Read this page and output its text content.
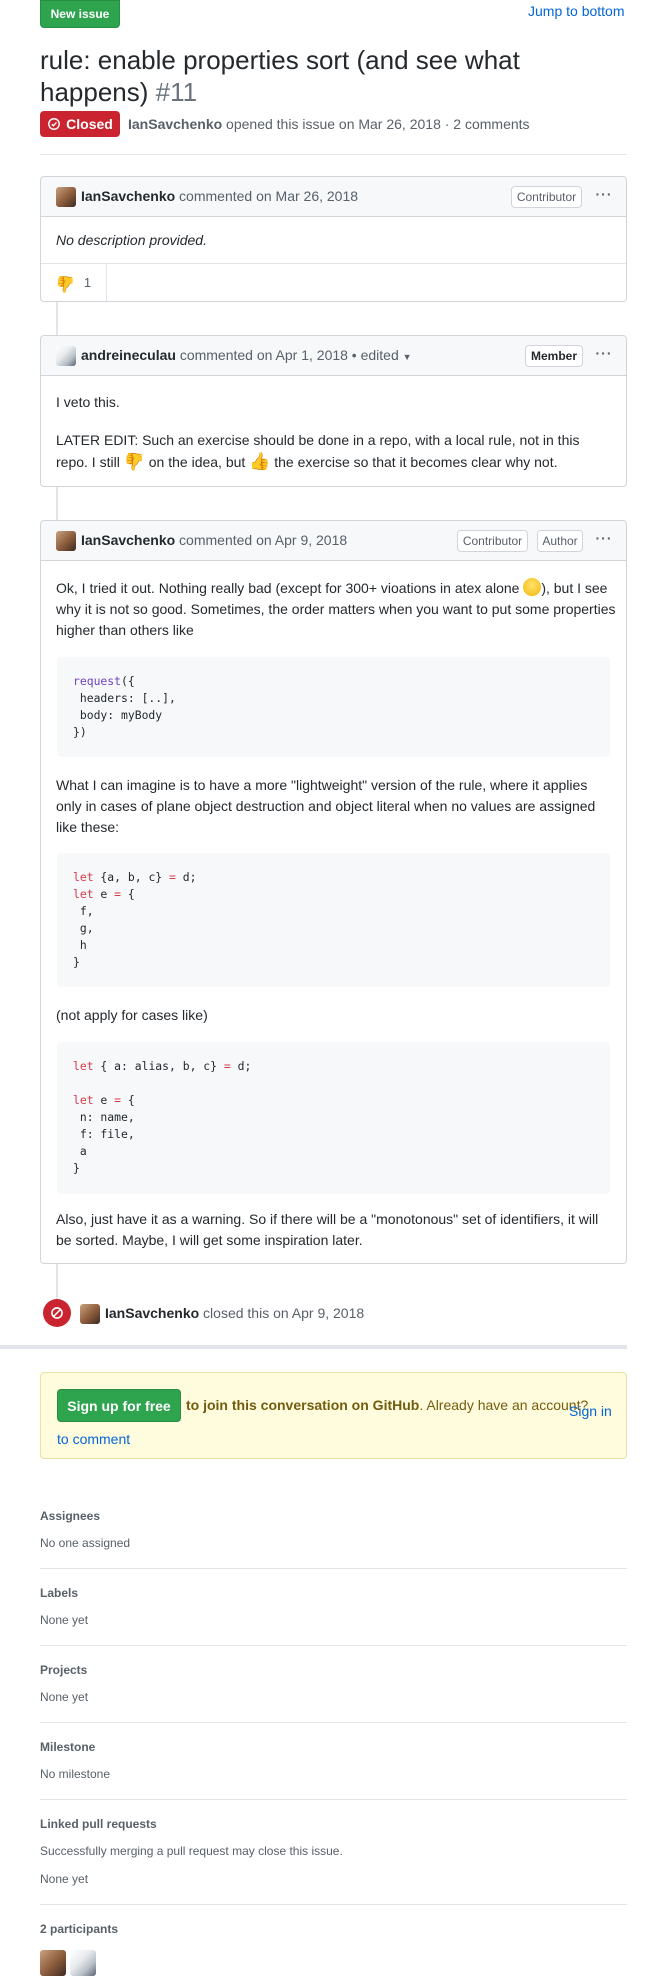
New issue	Jump to bottom
rule: enable properties sort (and see what happens) #11
Closed IanSavchenko opened this issue on Mar 26, 2018 · 2 comments
IanSavchenko commented on Mar 26, 2018	Contributor ···
No description provided.
👍 1
andreineculau commented on Apr 1, 2018 • edited ▼	Member ···
I veto this.
LATER EDIT: Such an exercise should be done in a repo, with a local rule, not in this repo. I still 👍 on the idea, but 👍 the exercise so that it becomes clear why not.
IanSavchenko commented on Apr 9, 2018	Contributor Author ···
Ok, I tried it out. Nothing really bad (except for 300+ vioations in atex alone ), but I see why it is not so good. Sometimes, the order matters when you want to put some properties higher than others like
request({
headers: [..],
body: myBody
})
What I can imagine is to have a more "lightweight" version of the rule, where it applies only in cases of plane object destruction and object literal when no values are assigned like these:
let {a, b, c} = d;
let e = {
f,
g,
h
}
(not apply for cases like)
let { a: alias, b, c} = d;

let e = {
n: name,
f: file,
a
}
Also, just have it as a warning. So if there will be a "monotonous" set of identifiers, it will be sorted. Maybe, I will get some inspiration later.
IanSavchenko closed this on Apr 9, 2018
Sign up for free to join this conversation on GitHub. Already have an account?
Sign in to comment
Assignees
No one assigned
Labels
None yet
Projects
None yet
Milestone
No milestone
Linked pull requests
Successfully merging a pull request may close this issue.
None yet
2 participants
